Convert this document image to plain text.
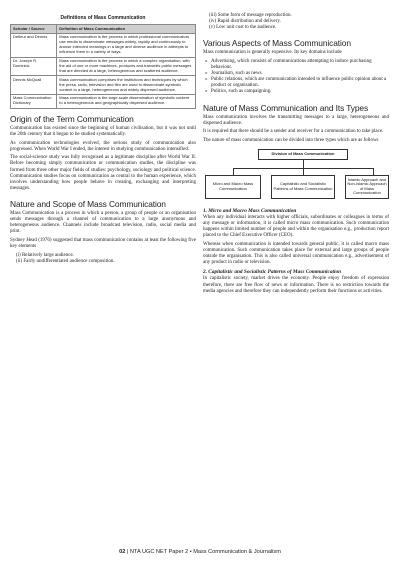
Definitions of Mass Communication
Scholar / Source	Definition of Mass Communication
Defleur and Dennis	Mass communication is the process in which professional communicators use media to disseminate messages widely, rapidly and continuously to arouse intended meanings in a large and diverse audience in attempts to influence them in a variety of ways.
Dr. Joseph R. Dominick	Mass communication is the process in which a complex organisation, with the aid of one or more machines, produces and transmits public messages that are directed at a large, heterogeneous and scattered audience.
Dennis McQuail	Mass communication comprises the institutions and techniques by which the press, radio, television and film are used to disseminate symbolic content to a large, heterogeneous and widely dispersed audience.
Mass Communication Dictionary	Mass communication is the large-scale dissemination of symbolic content to a heterogeneous and geographically dispersed audience.
Origin of the Term Communication

Communication has existed since the beginning of human civilisation, but it was not until the 20th century that it began to be studied systematically.

As communication technologies evolved, the serious study of communication also progressed. When World War I ended, the interest in studying communication intensified.

The social-science study was fully recognised as a legitimate discipline after World War II. Before becoming simply communication or communication studies, the discipline was formed from three other major fields of studies: psychology, sociology and political science. Communication studies focus on communication as central to the human experience, which involves understanding how people behave in creating, exchanging and interpreting messages.

Nature and Scope of Mass Communication

Mass Communication is a process in which a person, a group of people or an organisation sends messages through a channel of communication to a large anonymous and heterogeneous audience. Channels include broadcast television, radio, social media and print.

Sydney Head (1976) suggested that mass communication contains at least the following five key elements

(i) Relatively large audience.
(ii) Fairly undifferentiated audience composition.
(iii) Some form of message reproduction.
(iv) Rapid distribution and delivery.
(v) Low unit cost to the audience.
Various Aspects of Mass Communication

Mass communication is generally expensive. Its key domains include

» Advertising, which consists of communications attempting to induce purchasing behaviour.
» Journalism, such as news.
» Public relations, which are communication intended to influence public opinion about a product or organisation.
» Politics, such as campaigning.
Nature of Mass Communication and Its Types

Mass communication involves the transmitting messages to a large, heterogeneous and dispersed audience.

It is required that there should be a sender and receiver for a communication to take place.

The nature of mass communication can be divided into three types which are as follows

Division of Mass Communication
Micro and Macro Mass Communication
Capitalistic and Socialistic Patterns of Mass Communication
Islamic Approach and Non-Islamic Approach of Mass Communication
1. Micro and Macro Mass Communication

When any individual interacts with higher officials, subordinates or colleagues in terms of any message or information, it is called micro mass communication. Such communication happens within limited number of people and within the organisation e.g., production report placed to the Chief Executive Officer (CEO).

Whereas when communication is intended towards general public, it is called macro mass communication. Such communication takes place for external and large groups of people outside the organisation. This is also called universal communication e.g., advertisement of any product in radio or television.

2. Capitalistic and Socialistic Patterns of Mass Communication

In capitalistic society, market drives the economy. People enjoy freedom of expression therefore, there are free flow of news or information. There is no restriction towards the media agencies and therefore they can independently perform their functions or activities.

02 | NTA UGC NET Paper 2 • Mass Communication & Journalism
